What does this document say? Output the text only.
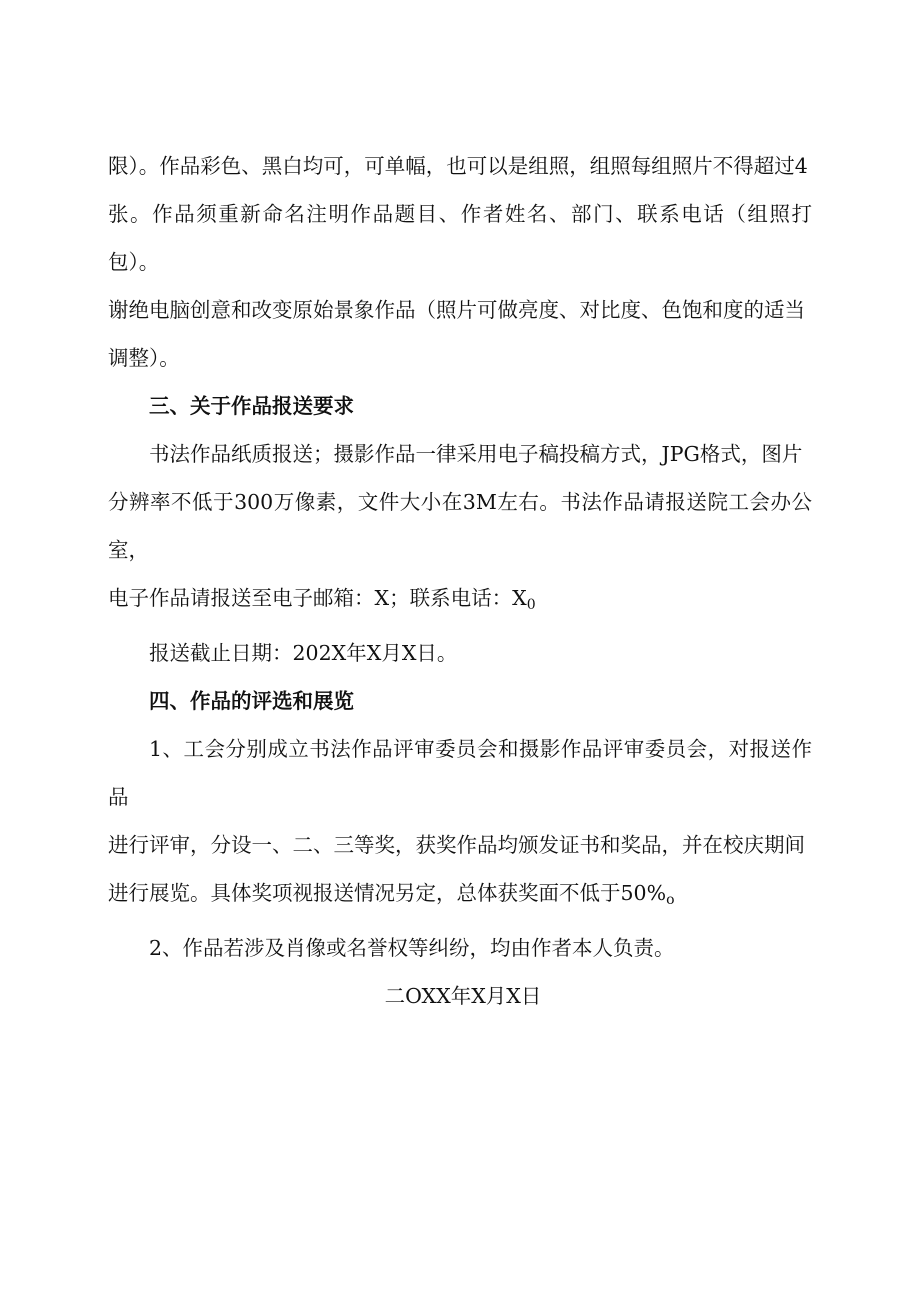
限）。作品彩色、黑白均可，可单幅，也可以是组照，组照每组照片不得超过4
张。作品须重新命名注明作品题目、作者姓名、部门、联系电话（组照打包）。
谢绝电脑创意和改变原始景象作品（照片可做亮度、对比度、色饱和度的适当
调整）。

三、关于作品报送要求

书法作品纸质报送；摄影作品一律采用电子稿投稿方式，JPG格式，图片
分辨率不低于300万像素，文件大小在3M左右。书法作品请报送院工会办公室，
电子作品请报送至电子邮箱：X；联系电话：$X_0$

报送截止日期：202X年X月X日。

四、作品的评选和展览

1、工会分别成立书法作品评审委员会和摄影作品评审委员会，对报送作品
进行评审，分设一、二、三等奖，获奖作品均颁发证书和奖品，并在校庆期间
进行展览。具体奖项视报送情况另定，总体获奖面不低于$50\%_o$

2、作品若涉及肖像或名誉权等纠纷，均由作者本人负责。

二OXX年X月X日
